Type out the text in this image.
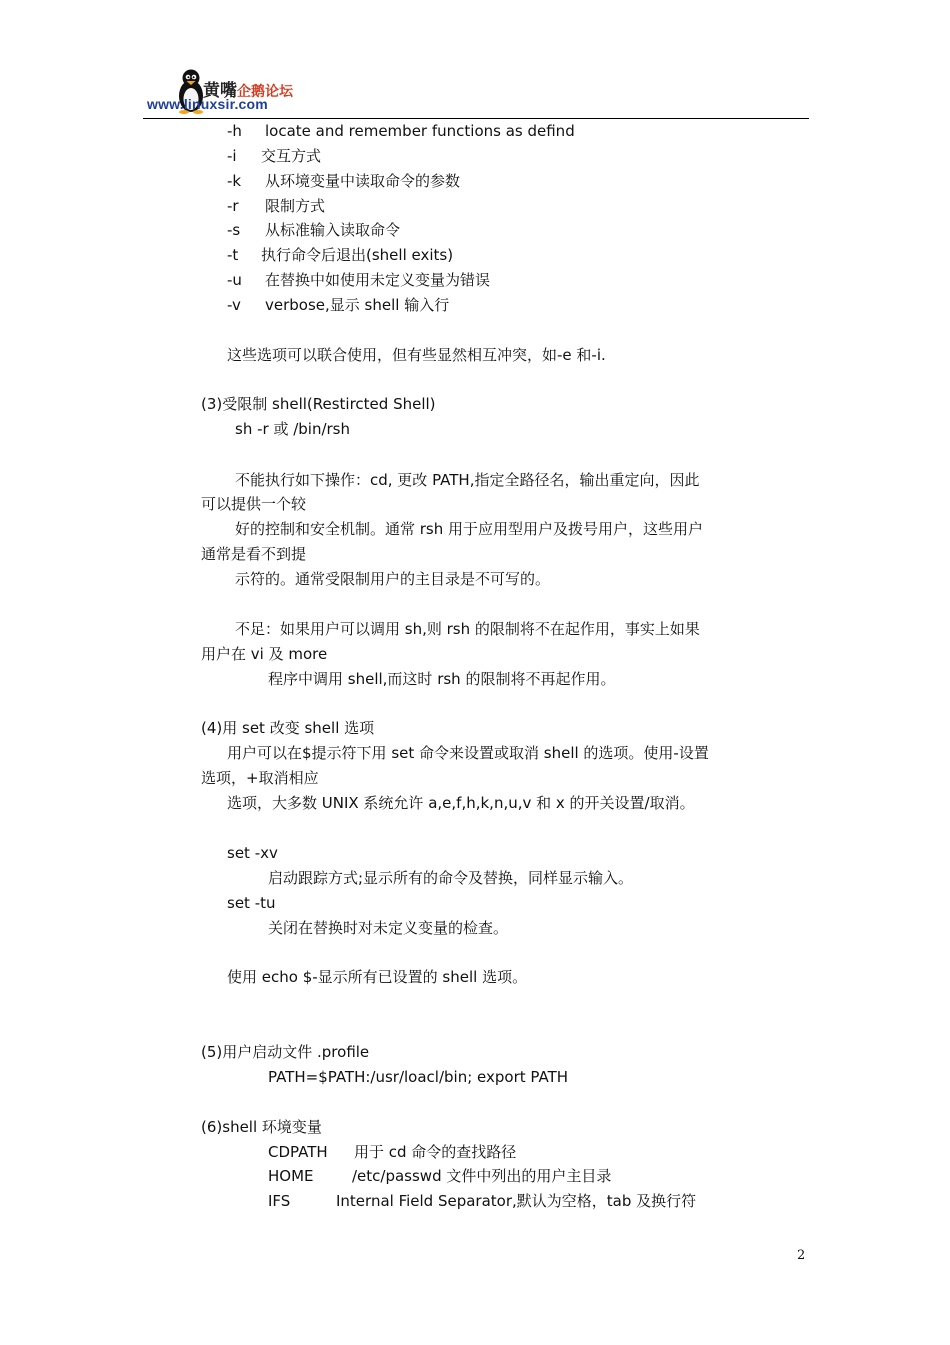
黄嘴企鹅论坛
www.linuxsir.com
-h locate and remember functions as defind
-i 交互方式
-k 从环境变量中读取命令的参数
-r 限制方式
-s 从标准输入读取命令
-t 执行命令后退出(shell exits)
-u 在替换中如使用未定义变量为错误
-v verbose,显示 shell 输入行
这些选项可以联合使用，但有些显然相互冲突，如-e 和-i.
(3)受限制 shell(Restircted Shell)
sh -r 或 /bin/rsh
不能执行如下操作：cd, 更改 PATH,指定全路径名，输出重定向，因此
可以提供一个较
好的控制和安全机制。通常 rsh 用于应用型用户及拨号用户，这些用户
通常是看不到提
示符的。通常受限制用户的主目录是不可写的。
不足：如果用户可以调用 sh,则 rsh 的限制将不在起作用，事实上如果
用户在 vi 及 more
程序中调用 shell,而这时 rsh 的限制将不再起作用。
(4)用 set 改变 shell 选项
用户可以在$提示符下用 set 命令来设置或取消 shell 的选项。使用-设置
选项，+取消相应
选项，大多数 UNIX 系统允许 a,e,f,h,k,n,u,v 和 x 的开关设置/取消。
set -xv
启动跟踪方式;显示所有的命令及替换，同样显示输入。
set -tu
关闭在替换时对未定义变量的检查。
使用 echo $-显示所有已设置的 shell 选项。
(5)用户启动文件 .profile
PATH=$PATH:/usr/loacl/bin; export PATH
(6)shell 环境变量
CDPATH 用于 cd 命令的查找路径
HOME	/etc/passwd 文件中列出的用户主目录
IFS	Internal Field Separator,默认为空格，tab 及换行符
2
